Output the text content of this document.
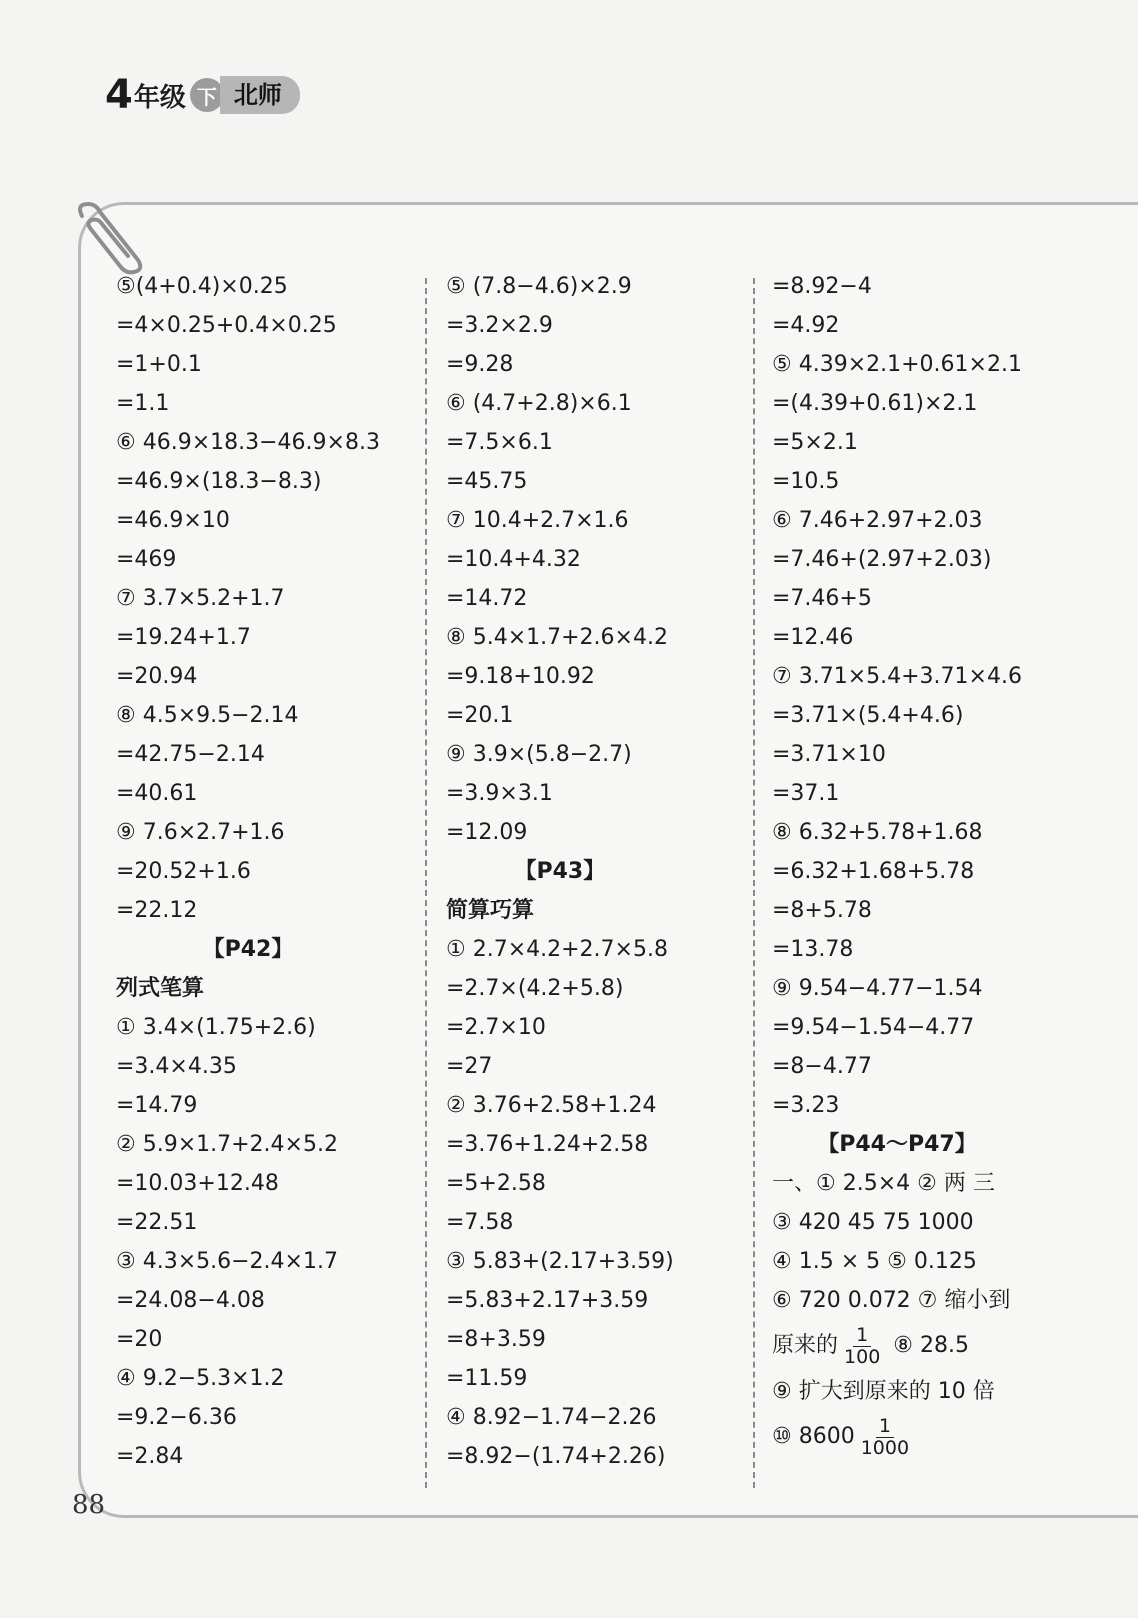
4 年级 下 北师
⑤(4+0.4)×0.25
=4×0.25+0.4×0.25
=1+0.1
=1.1
⑥ 46.9×18.3−46.9×8.3
=46.9×(18.3−8.3)
=46.9×10
=469
⑦ 3.7×5.2+1.7
=19.24+1.7
=20.94
⑧ 4.5×9.5−2.14
=42.75−2.14
=40.61
⑨ 7.6×2.7+1.6
=20.52+1.6
=22.12
【P42】
列式笔算
① 3.4×(1.75+2.6)
=3.4×4.35
=14.79
② 5.9×1.7+2.4×5.2
=10.03+12.48
=22.51
③ 4.3×5.6−2.4×1.7
=24.08−4.08
=20
④ 9.2−5.3×1.2
=9.2−6.36
=2.84
⑤ (7.8−4.6)×2.9
=3.2×2.9
=9.28
⑥ (4.7+2.8)×6.1
=7.5×6.1
=45.75
⑦ 10.4+2.7×1.6
=10.4+4.32
=14.72
⑧ 5.4×1.7+2.6×4.2
=9.18+10.92
=20.1
⑨ 3.9×(5.8−2.7)
=3.9×3.1
=12.09
【P43】
简算巧算
① 2.7×4.2+2.7×5.8
=2.7×(4.2+5.8)
=2.7×10
=27
② 3.76+2.58+1.24
=3.76+1.24+2.58
=5+2.58
=7.58
③ 5.83+(2.17+3.59)
=5.83+2.17+3.59
=8+3.59
=11.59
④ 8.92−1.74−2.26
=8.92−(1.74+2.26)
=8.92−4
=4.92
⑤ 4.39×2.1+0.61×2.1
=(4.39+0.61)×2.1
=5×2.1
=10.5
⑥ 7.46+2.97+2.03
=7.46+(2.97+2.03)
=7.46+5
=12.46
⑦ 3.71×5.4+3.71×4.6
=3.71×(5.4+4.6)
=3.71×10
=37.1
⑧ 6.32+5.78+1.68
=6.32+1.68+5.78
=8+5.78
=13.78
⑨ 9.54−4.77−1.54
=9.54−1.54−4.77
=8−4.77
=3.23
【P44～P47】
一、① 2.5×4 ② 两 三
③ 420 45 75 1000
④ 1.5 × 5 ⑤ 0.125
⑥ 720 0.072 ⑦ 缩小到
原来的 $\frac{1}{100}$ ⑧ 28.5
⑨ 扩大到原来的 10 倍
⑩ $8600 \frac{1}{1000}$
88
